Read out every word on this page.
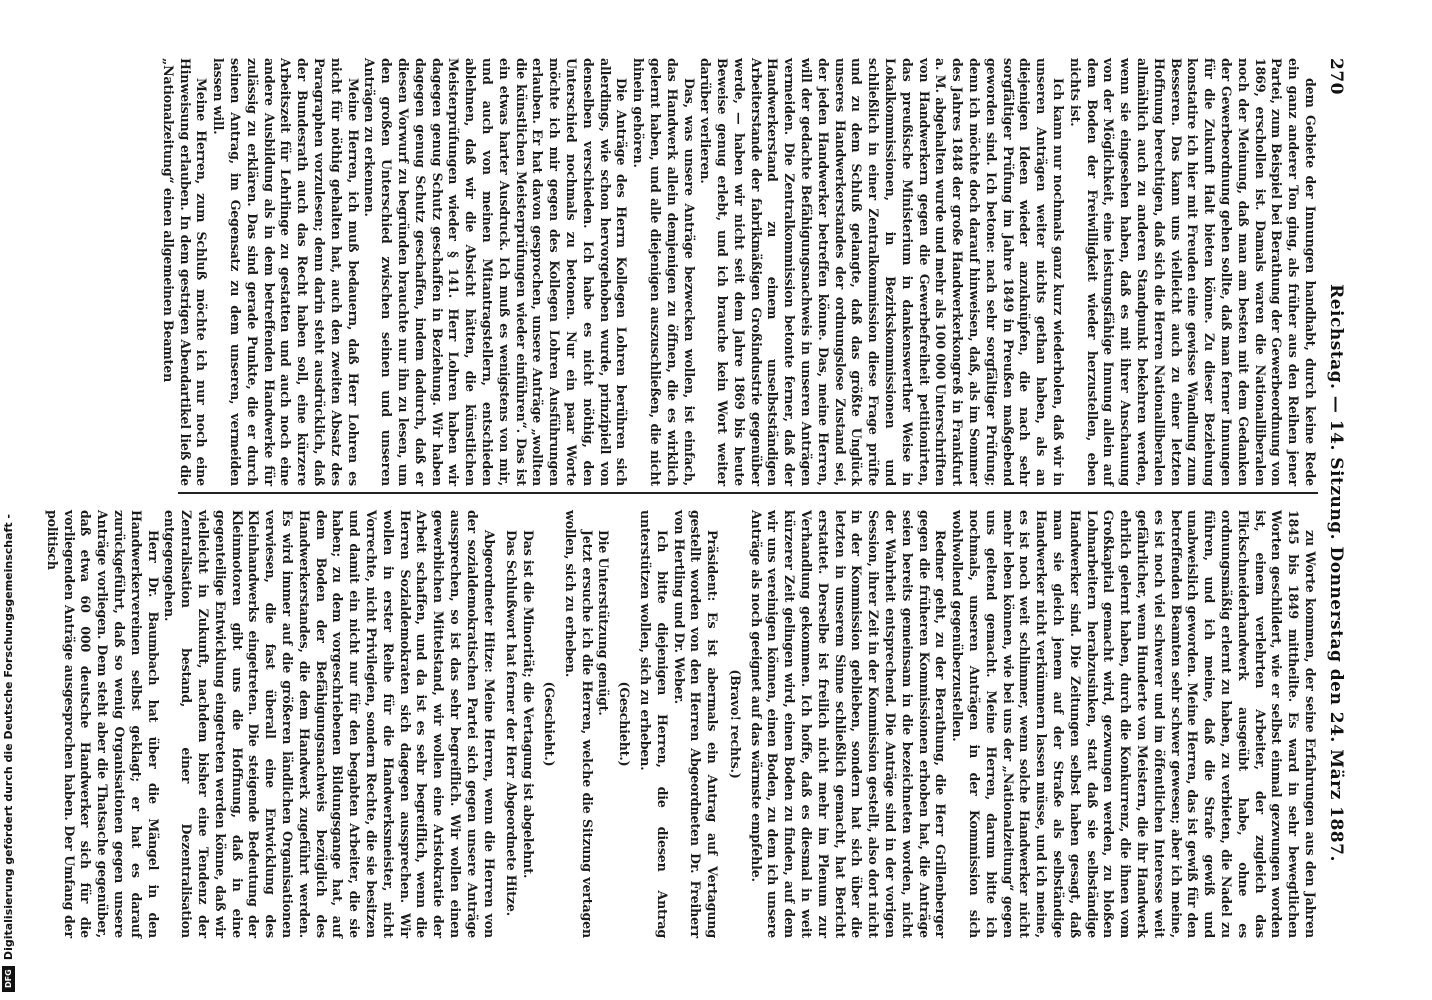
270
Reichstag. — 14. Sitzung. Donnerstag den 24. März 1887.

dem Gebiete der Innungen handhabt, durch keine Rede ein ganz anderer Ton ging, als früher aus den Reihen jener Partei, zum Beispiel bei Berathung der Gewerbeordnung von 1869, erschollen ist. Damals waren die Nationalliberalen noch der Meinung, daß man am besten mit dem Gedanken der Gewerbeordnung gehen sollte, daß man ferner Innungen für die Zukunft Halt bieten könne. Zu dieser Beziehung konstatire ich hier mit Freuden eine gewisse Wandlung zum Besseren. Das kann uns vielleicht auch zu einer letzten Hoffnung berechtigen, daß sich die Herren Nationalliberalen allmählich auch zu anderen Standpunkt bekehren werden, wenn sie eingesehen haben, daß es mit ihrer Anschauung von der Möglichkeit, eine leistungsfähige Innung allein auf dem Boden der Freiwilligkeit wieder herzustellen, eben nichts ist.

Ich kann nur nochmals ganz kurz wiederholen, daß wir in unseren Anträgen weiter nichts gethan haben, als an diejenigen Ideen wieder anzuknüpfen, die nach sehr sorgfältiger Prüfung im Jahre 1849 in Preußen maßgebend geworden sind. Ich betone: nach sehr sorgfältiger Prüfung; denn ich möchte doch darauf hinweisen, daß, als im Sommer des Jahres 1848 der große Handwerkerkongreß in Frankfurt a. M. abgehalten wurde und mehr als 100 000 Unterschriften von Handwerkern gegen die Gewerbefreiheit petitionirten, das preußische Ministerium in dankenswerther Weise in Lokalkommissionen, in Bezirkskommissionen und schließlich in einer Zentralkommission diese Frage prüfte und zu dem Schluß gelangte, daß das größte Unglück unseres Handwerkerstandes der ordnungslose Zustand sei, der jeden Handwerker betreffen könne. Das, meine Herren, will der gedachte Befähigungsnachweis in unseren Anträgen vermeiden. Die Zentralkommission betonte ferner, daß der Handwerkerstand zu einem unselbstständigen Arbeiterstande der fabrikmäßigen Großindustrie gegenüber werde, — haben wir nicht seit dem Jahre 1869 bis heute Beweise genug erlebt, und ich brauche kein Wort weiter darüber verlieren.

Das, was unsere Anträge bezwecken wollen, ist einfach, das Handwerk allein demjenigen zu öffnen, die es wirklich gelernt haben, und alle diejenigen auszuschließen, die nicht hinein gehören.

Die Anträge des Herrn Kollegen Lohren berühren sich allerdings, wie schon hervorgehoben wurde, prinzipiell von denselben verschieden. Ich habe es nicht nöthig, den Unterschied nochmals zu betonen. Nur ein paar Worte möchte ich mir gegen des Kollegen Lohren Ausführungen erlauben. Er hat davon gesprochen, unsere Anträge „wollten die künstlichen Meisterprüfungen wieder einführen“. Das ist ein etwas harter Ausdruck. Ich muß es wenigstens von mir, und auch von meinen Mitantragstellern, entschieden ablehnen, daß wir die Absicht hätten, die künstlichen Meisterprüfungen wieder § 141. Herr Lohren haben wir dagegen genug Schutz geschaffen in Beziehung. Wir haben dagegen genug Schutz geschaffen, indem dadurch, daß er diesen Vorwurf zu begründen brauchte nur ihn zu lesen, um den großen Unterschied zwischen seinen und unseren Anträgen zu erkennen.

Meine Herren, ich muß bedauern, daß Herr Lohren es nicht für nöthig gehalten hat, auch den zweiten Absatz des Paragraphen vorzulesen; denn darin steht ausdrücklich, daß der Bundesrath auch das Recht haben soll, eine kürzere Arbeitszeit für Lehrlinge zu gestatten und auch noch eine andere Ausbildung als in dem betreffenden Handwerke für zulässig zu erklären. Das sind gerade Punkte, die er durch seinen Antrag, im Gegensatz zu dem unseren, vermeiden lassen will.

Meine Herren, zum Schluß möchte ich nur noch eine Hinweisung erlauben. In dem gestrigen Abendartikel ließ die „Nationalzeitung“ einen allgemeinen Beamten

zu Worte kommen, der seine Erfahrungen aus den Jahren 1845 bis 1849 mittheilte. Es ward in sehr bewegtlichen Worten geschildert, wie er selbst einmal gezwungen worden ist, einem verlehrten Arbeiter, der zugleich das Flickschneiderhandwerk ausgeübt habe, ohne es ordnungsmäßig erlernt zu haben, zu verbieten, die Nadel zu führen, und ich meine, daß die Strafe gewiß und unabweislich geworden. Meine Herren, das ist gewiß für den betreffenden Beamten sehr schwer gewesen; aber ich meine, es ist noch viel schwerer und im öffentlichen Interesse weit gefährlicher, wenn Hunderte von Meistern, die ihr Handwerk ehrlich gelernt haben, durch die Konkurrenz, die ihnen vom Großkapital gemacht wird, gezwungen werden, zu bloßen Lohnarbeitern herabzusinken, statt daß sie selbständige Handwerker sind. Die Zeitungen selbst haben gesagt, daß man sie gleich jenem auf der Straße als selbständige Handwerker nicht verkümmern lassen müsse, und ich meine, es ist noch weit schlimmer, wenn solche Handwerker nicht mehr leben können, wie bei uns der „Nationalzeitung“ gegen uns geltend gemacht. Meine Herren, darum bitte ich nochmals, unseren Anträgen in der Kommission sich wohlwollend gegenüberzustellen.

Redner geht, zu der Berathung, die Herr Grillenberger gegen die früheren Kommissionen erhoben hat, die Anträge seien bereits gemeinsam in die bezeichneten worden, nicht der Wahrheit entsprechend. Die Anträge sind in der vorigen Session, ihrer Zeit in der Kommission gestellt, also dort nicht in der Kommission geblieben, sondern hat sich über die letzten in unserem Sinne schließlich gemacht, hat Bericht erstattet. Derselbe ist freilich nicht mehr im Plenum zur Verhandlung gekommen. Ich hoffe, daß es diesmal in weit kürzerer Zeit gelingen wird, einen Boden zu finden, auf dem wir uns vereinigen können, einen Boden, zu dem ich unsere Anträge als noch geeignet auf das wärmste empfehle.

(Bravo! rechts.)

Präsident: Es ist abermals ein Antrag auf Vertagung gestellt worden von den Herren Abgeordneten Dr. Freiherr von Hertling und Dr. Weber.

Ich bitte diejenigen Herren, die diesen Antrag unterstützen wollen, sich zu erheben.

(Geschieht.)

Die Unterstützung genügt.

Jetzt ersuche ich die Herren, welche die Sitzung vertagen wollen, sich zu erheben.

(Geschieht.)

Das ist die Minorität; die Vertagung ist abgelehnt.

Das Schlußwort hat ferner der Herr Abgeordnete Hitze.

Abgeordneter Hitze: Meine Herren, wenn die Herren von der sozialdemokratischen Partei sich gegen unsere Anträge aussprechen, so ist das sehr begreiflich. Wir wollen einen gewerblichen Mittelstand, wir wollen eine Aristokratie der Arbeit schaffen, und da ist es sehr begreiflich, wenn die Herren Sozialdemokraten sich dagegen aussprechen. Wir wollen in erster Reihe für die Handwerksmeister, nicht Vorrechte, nicht Privilegien, sondern Rechte, die sie besitzen und damit ein nicht nur für den begabten Arbeiter, die sie haben; zu dem vorgeschriebenen Bildungsgange hat, auf dem Boden der Befähigungsnachweis bezüglich des Handwerkerstandes, die dem Handwerk zugeführt werden. Es wird immer auf die größeren ländlichen Organisationen verwiesen, die fast überall eine Entwicklung des Kleinhandwerks eingetreten. Die steigende Bedeutung der Kleinmotoren gibt uns die Hoffnung, daß in eine gegenteilige Entwicklung eingetreten werden könne, daß wir vielleicht in Zukunft, nachdem bisher eine Tendenz der Zentralisation bestand, einer Dezentralisation entgegengehen.

Herr Dr. Baumbach hat über die Mängel in den Handwerkervereinen selbst geklagt; er hat es darauf zurückgeführt, daß so wenig Organisationen gegen unsere Anträge vorliegen. Dem steht aber die Thatsache gegenüber, daß etwa 60 000 deutsche Handwerker sich für die vorliegenden Anträge ausgesprochen haben. Der Umfang der politisch

DFG
Digitalisierung gefördert durch die Deutsche Forschungsgemeinschaft -
